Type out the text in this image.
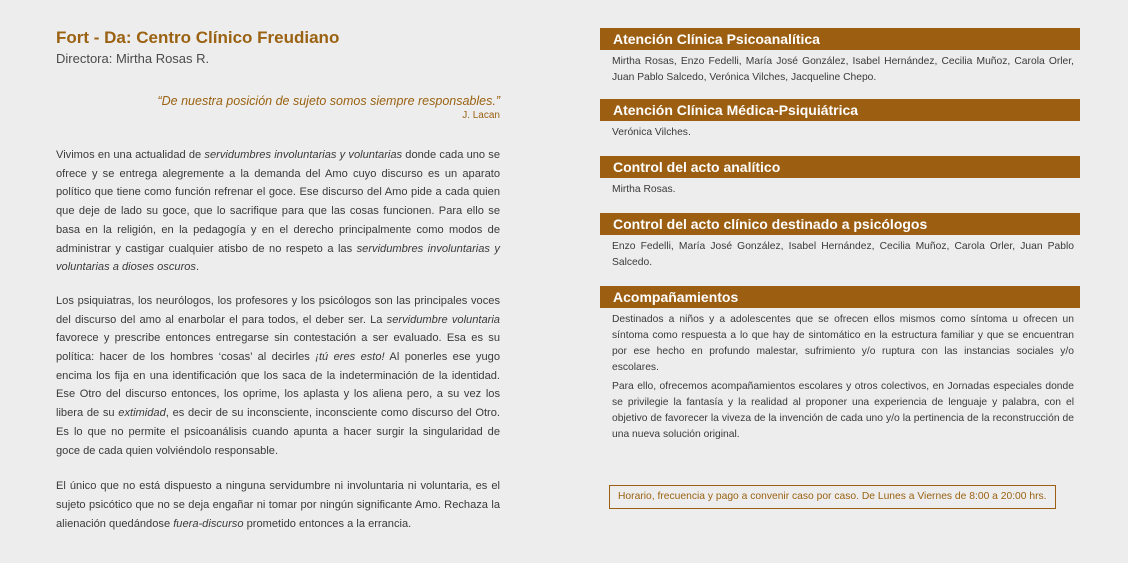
Fort - Da: Centro Clínico Freudiano
Directora: Mirtha Rosas R.
“De nuestra posición de sujeto somos siempre responsables.”
J. Lacan

Vivimos en una actualidad de servidumbres involuntarias y voluntarias donde cada uno se ofrece y se entrega alegremente a la demanda del Amo cuyo discurso es un aparato político que tiene como función refrenar el goce. Ese discurso del Amo pide a cada quien que deje de lado su goce, que lo sacrifique para que las cosas funcionen. Para ello se basa en la religión, en la pedagogía y en el derecho principalmente como modos de administrar y castigar cualquier atisbo de no respeto a las servidumbres involuntarias y voluntarias a dioses oscuros.

Los psiquiatras, los neurólogos, los profesores y los psicólogos son las principales voces del discurso del amo al enarbolar el para todos, el deber ser. La servidumbre voluntaria favorece y prescribe entonces entregarse sin contestación a ser evaluado. Esa es su política: hacer de los hombres ‘cosas’ al decirles ¡tú eres esto! Al ponerles ese yugo encima los fija en una identificación que los saca de la indeterminación de la identidad. Ese Otro del discurso entonces, los oprime, los aplasta y los aliena pero, a su vez los libera de su extimidad, es decir de su inconsciente, inconsciente como discurso del Otro. Es lo que no permite el psicoanálisis cuando apunta a hacer surgir la singularidad de goce de cada quien volviéndolo responsable.

El único que no está dispuesto a ninguna servidumbre ni involuntaria ni voluntaria, es el sujeto psicótico que no se deja engañar ni tomar por ningún significante Amo. Rechaza la alienación quedándose fuera-discurso prometido entonces a la errancia.

Atención Clínica Psicoanalítica

Mirtha Rosas, Enzo Fedelli, María José González, Isabel Hernández, Cecilia Muñoz, Carola Orler, Juan Pablo Salcedo, Verónica Vilches, Jacqueline Chepo.

Atención Clínica Médica-Psiquiátrica

Verónica Vilches.

Control del acto analítico

Mirtha Rosas.

Control del acto clínico destinado a psicólogos

Enzo Fedelli, María José González, Isabel Hernández, Cecilia Muñoz, Carola Orler, Juan Pablo Salcedo.

Acompañamientos

Destinados a niños y a adolescentes que se ofrecen ellos mismos como síntoma u ofrecen un síntoma como respuesta a lo que hay de sintomático en la estructura familiar y que se encuentran por ese hecho en profundo malestar, sufrimiento y/o ruptura con las instancias sociales y/o escolares.

Para ello, ofrecemos acompañamientos escolares y otros colectivos, en Jornadas especiales donde se privilegie la fantasía y la realidad al proponer una experiencia de lenguaje y palabra, con el objetivo de favorecer la viveza de la invención de cada uno y/o la pertinencia de la reconstrucción de una nueva solución original.

Horario, frecuencia y pago a convenir caso por caso. De Lunes a Viernes de 8:00 a 20:00 hrs.
